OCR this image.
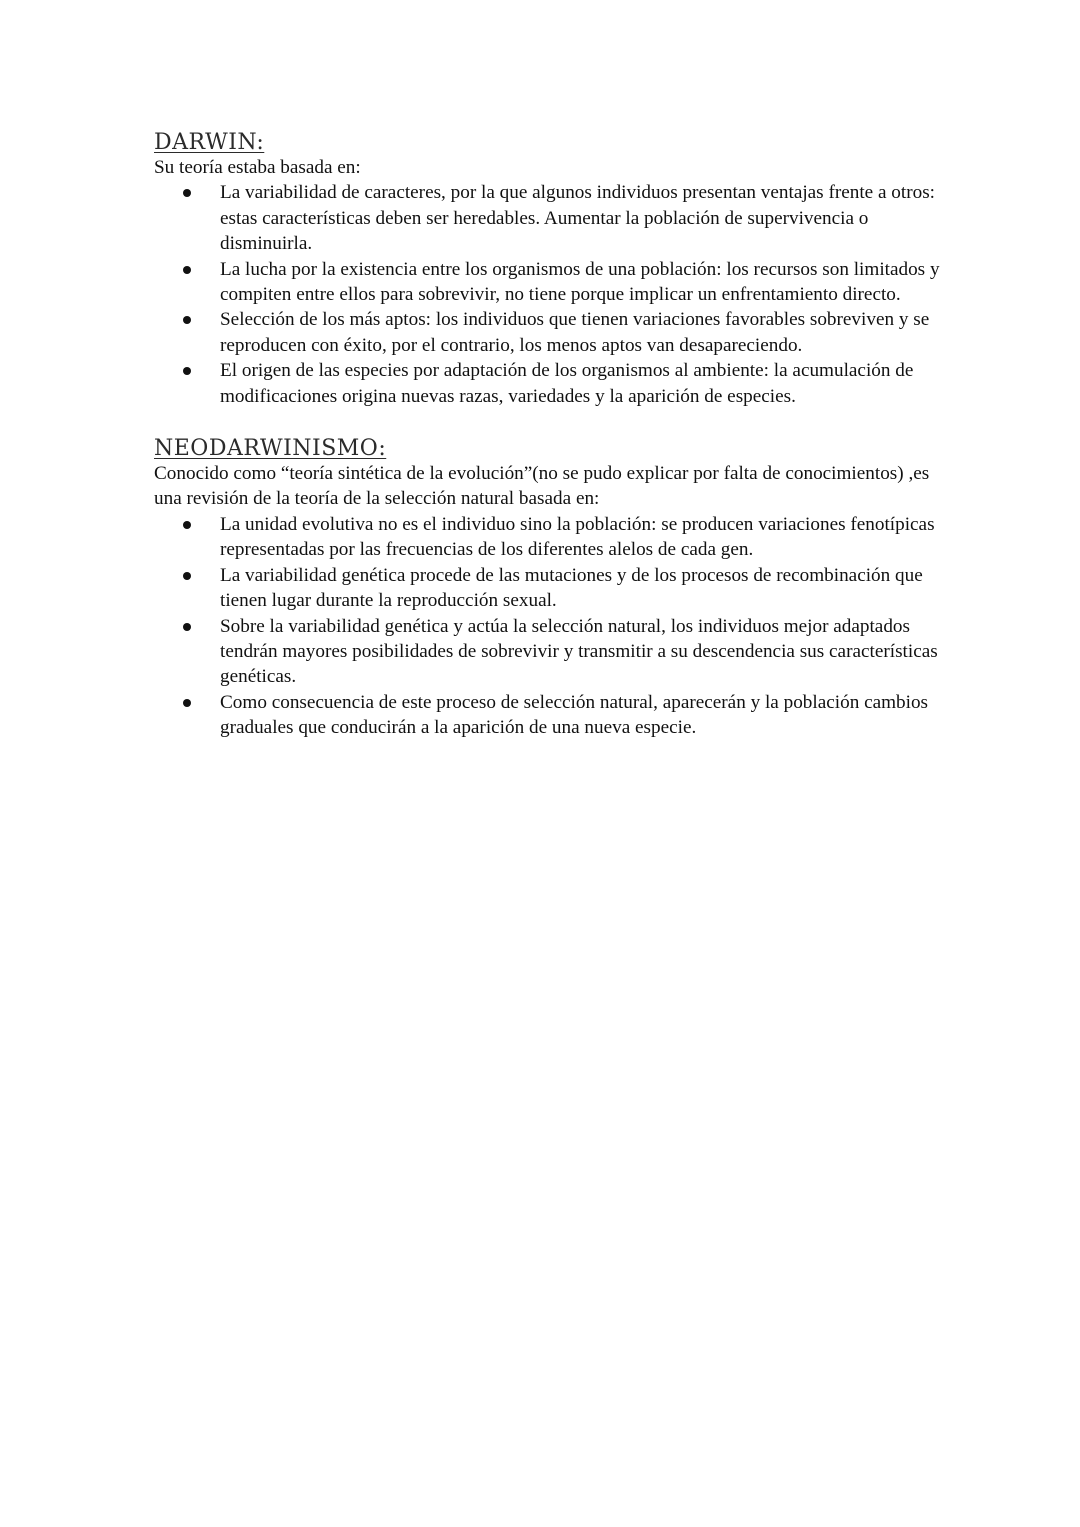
DARWIN:

Su teoría estaba basada en:

La variabilidad de caracteres, por la que algunos individuos presentan ventajas frente a otros: estas características deben ser heredables. Aumentar la población de supervivencia o disminuirla.
La lucha por la existencia entre los organismos de una población: los recursos son limitados y compiten entre ellos para sobrevivir, no tiene porque implicar un enfrentamiento directo.
Selección de los más aptos: los individuos que tienen variaciones favorables sobreviven y se reproducen con éxito, por el contrario, los menos aptos van desapareciendo.
El origen de las especies por adaptación de los organismos al ambiente: la acumulación de modificaciones origina nuevas razas, variedades y la aparición de especies.
NEODARWINISMO:

Conocido como “teoría sintética de la evolución”(no se pudo explicar por falta de conocimientos) ,es una revisión de la teoría de la selección natural basada en:

La unidad evolutiva no es el individuo sino la población: se producen variaciones fenotípicas representadas por las frecuencias de los diferentes alelos de cada gen.
La variabilidad genética procede de las mutaciones y de los procesos de recombinación que tienen lugar durante la reproducción sexual.
Sobre la variabilidad genética y actúa la selección natural, los individuos mejor adaptados tendrán mayores posibilidades de sobrevivir y transmitir a su descendencia sus características genéticas.
Como consecuencia de este proceso de selección natural, aparecerán y la población cambios graduales que conducirán a la aparición de una nueva especie.
